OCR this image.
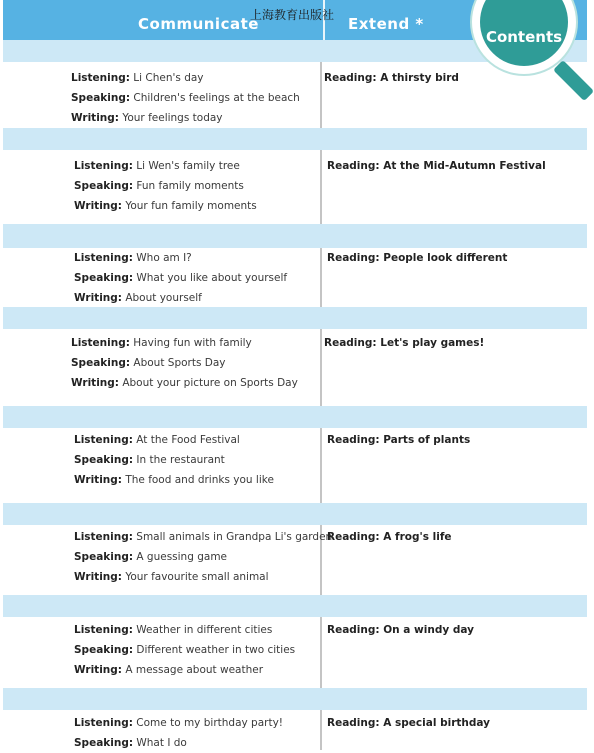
Communicate	Extend *
上海教育出版社
Listening: Li Chen's day
Speaking: Children's feelings at the beach
Writing: Your feelings today
Reading: A thirsty bird
Listening: Li Wen's family tree
Speaking: Fun family moments
Writing: Your fun family moments
Reading: At the Mid-Autumn Festival
Listening: Who am I?
Speaking: What you like about yourself
Writing: About yourself
Reading: People look different
Listening: Having fun with family
Speaking: About Sports Day
Writing: About your picture on Sports Day
Reading: Let's play games!
Listening: At the Food Festival
Speaking: In the restaurant
Writing: The food and drinks you like
Reading: Parts of plants
Listening: Small animals in Grandpa Li's garden
Speaking: A guessing game
Writing: Your favourite small animal
Reading: A frog's life
Listening: Weather in different cities
Speaking: Different weather in two cities
Writing: A message about weather
Reading: On a windy day
Listening: Come to my birthday party!
Speaking: What I do
Reading: A special birthday
Contents
